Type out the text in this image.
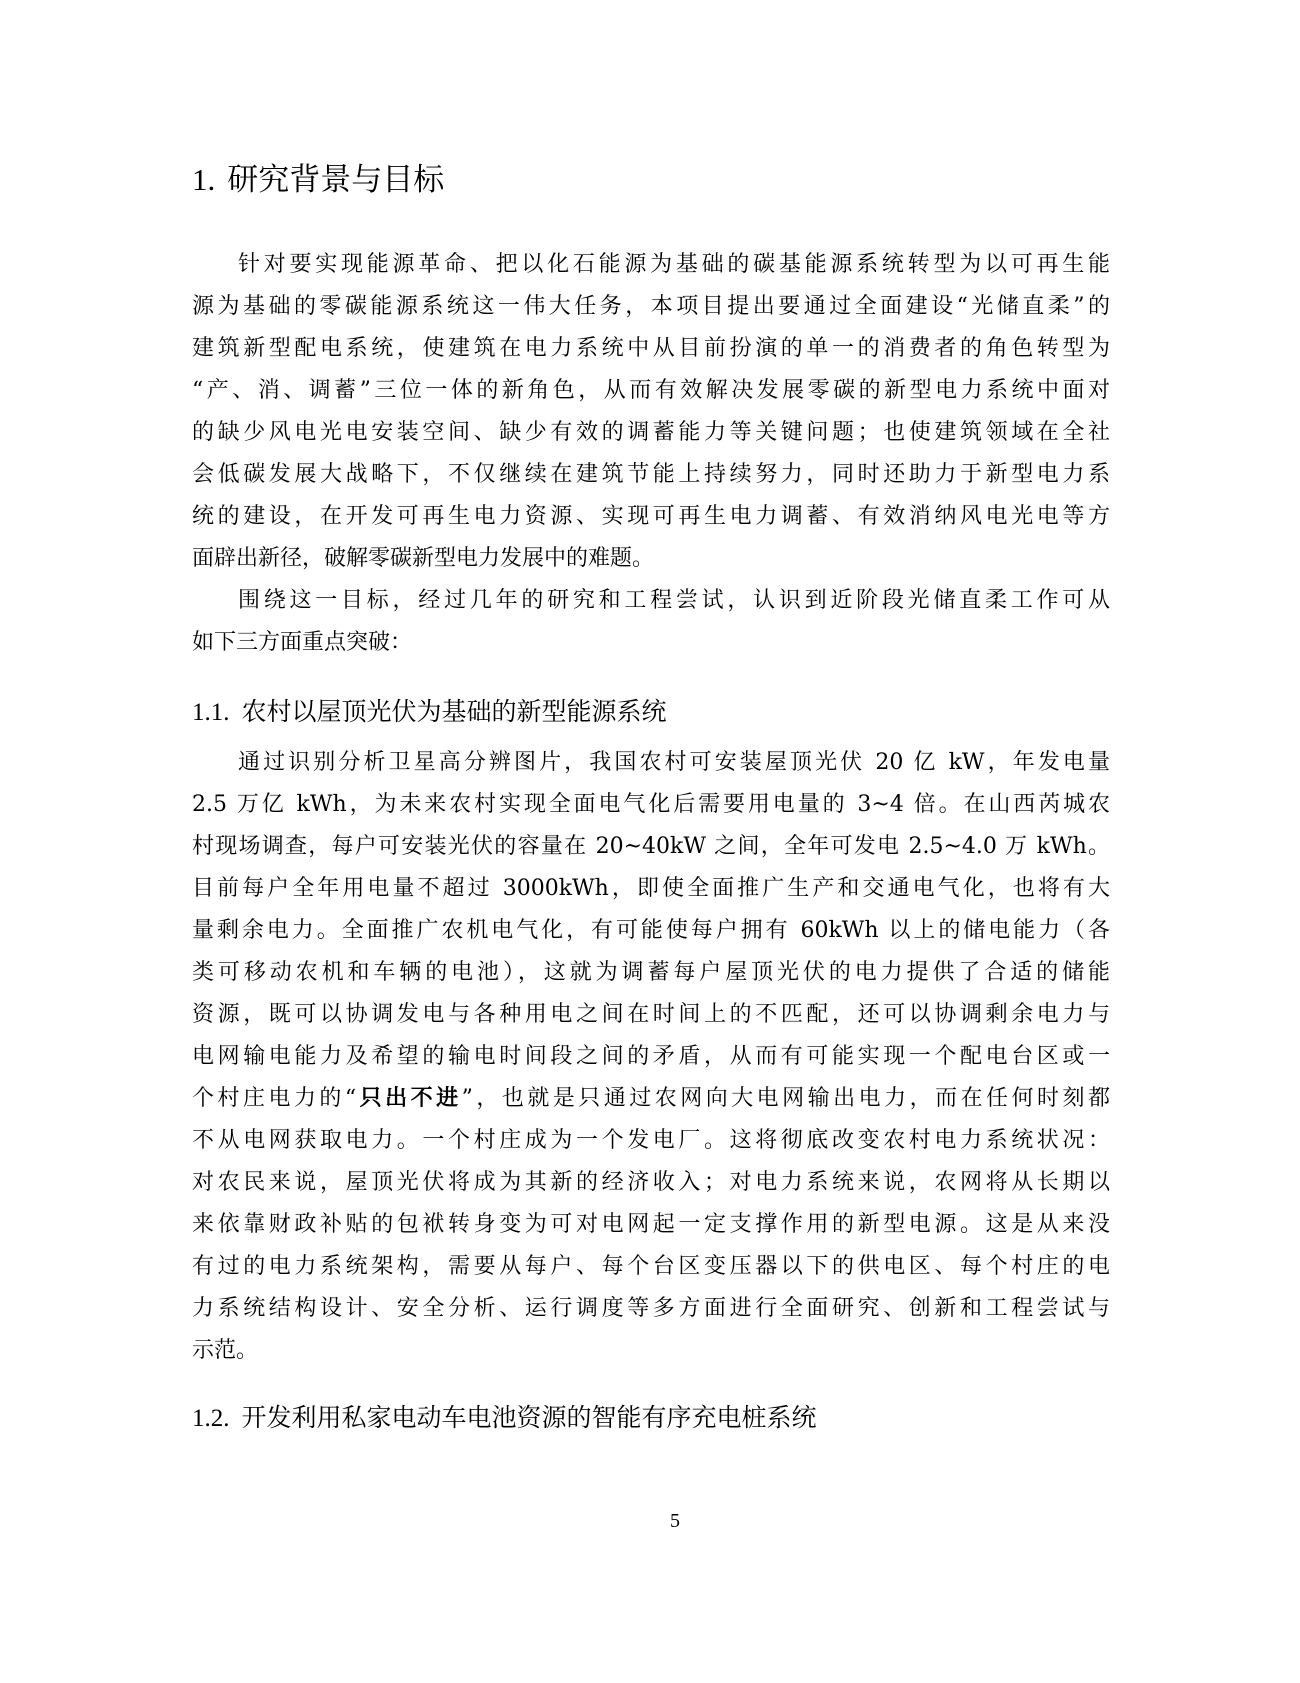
1. 研究背景与目标
针对要实现能源革命、把以化石能源为基础的碳基能源系统转型为以可再生能
源为基础的零碳能源系统这一伟大任务，本项目提出要通过全面建设“光储直柔”的
建筑新型配电系统，使建筑在电力系统中从目前扮演的单一的消费者的角色转型为
“产、消、调蓄”三位一体的新角色，从而有效解决发展零碳的新型电力系统中面对
的缺少风电光电安装空间、缺少有效的调蓄能力等关键问题；也使建筑领域在全社
会低碳发展大战略下，不仅继续在建筑节能上持续努力，同时还助力于新型电力系
统的建设，在开发可再生电力资源、实现可再生电力调蓄、有效消纳风电光电等方
面辟出新径，破解零碳新型电力发展中的难题。
围绕这一目标，经过几年的研究和工程尝试，认识到近阶段光储直柔工作可从
如下三方面重点突破：
1.1. 农村以屋顶光伏为基础的新型能源系统
通过识别分析卫星高分辨图片，我国农村可安装屋顶光伏 20 亿 kW，年发电量
2.5 万亿 kWh，为未来农村实现全面电气化后需要用电量的 3~4 倍。在山西芮城农
村现场调查，每户可安装光伏的容量在 20~40kW 之间，全年可发电 2.5~4.0 万 kWh。
目前每户全年用电量不超过 3000kWh，即使全面推广生产和交通电气化，也将有大
量剩余电力。全面推广农机电气化，有可能使每户拥有 60kWh 以上的储电能力（各
类可移动农机和车辆的电池），这就为调蓄每户屋顶光伏的电力提供了合适的储能
资源，既可以协调发电与各种用电之间在时间上的不匹配，还可以协调剩余电力与
电网输电能力及希望的输电时间段之间的矛盾，从而有可能实现一个配电台区或一
个村庄电力的“只出不进”，也就是只通过农网向大电网输出电力，而在任何时刻都
不从电网获取电力。一个村庄成为一个发电厂。这将彻底改变农村电力系统状况：
对农民来说，屋顶光伏将成为其新的经济收入；对电力系统来说，农网将从长期以
来依靠财政补贴的包袱转身变为可对电网起一定支撑作用的新型电源。这是从来没
有过的电力系统架构，需要从每户、每个台区变压器以下的供电区、每个村庄的电
力系统结构设计、安全分析、运行调度等多方面进行全面研究、创新和工程尝试与
示范。
1.2. 开发利用私家电动车电池资源的智能有序充电桩系统
5
